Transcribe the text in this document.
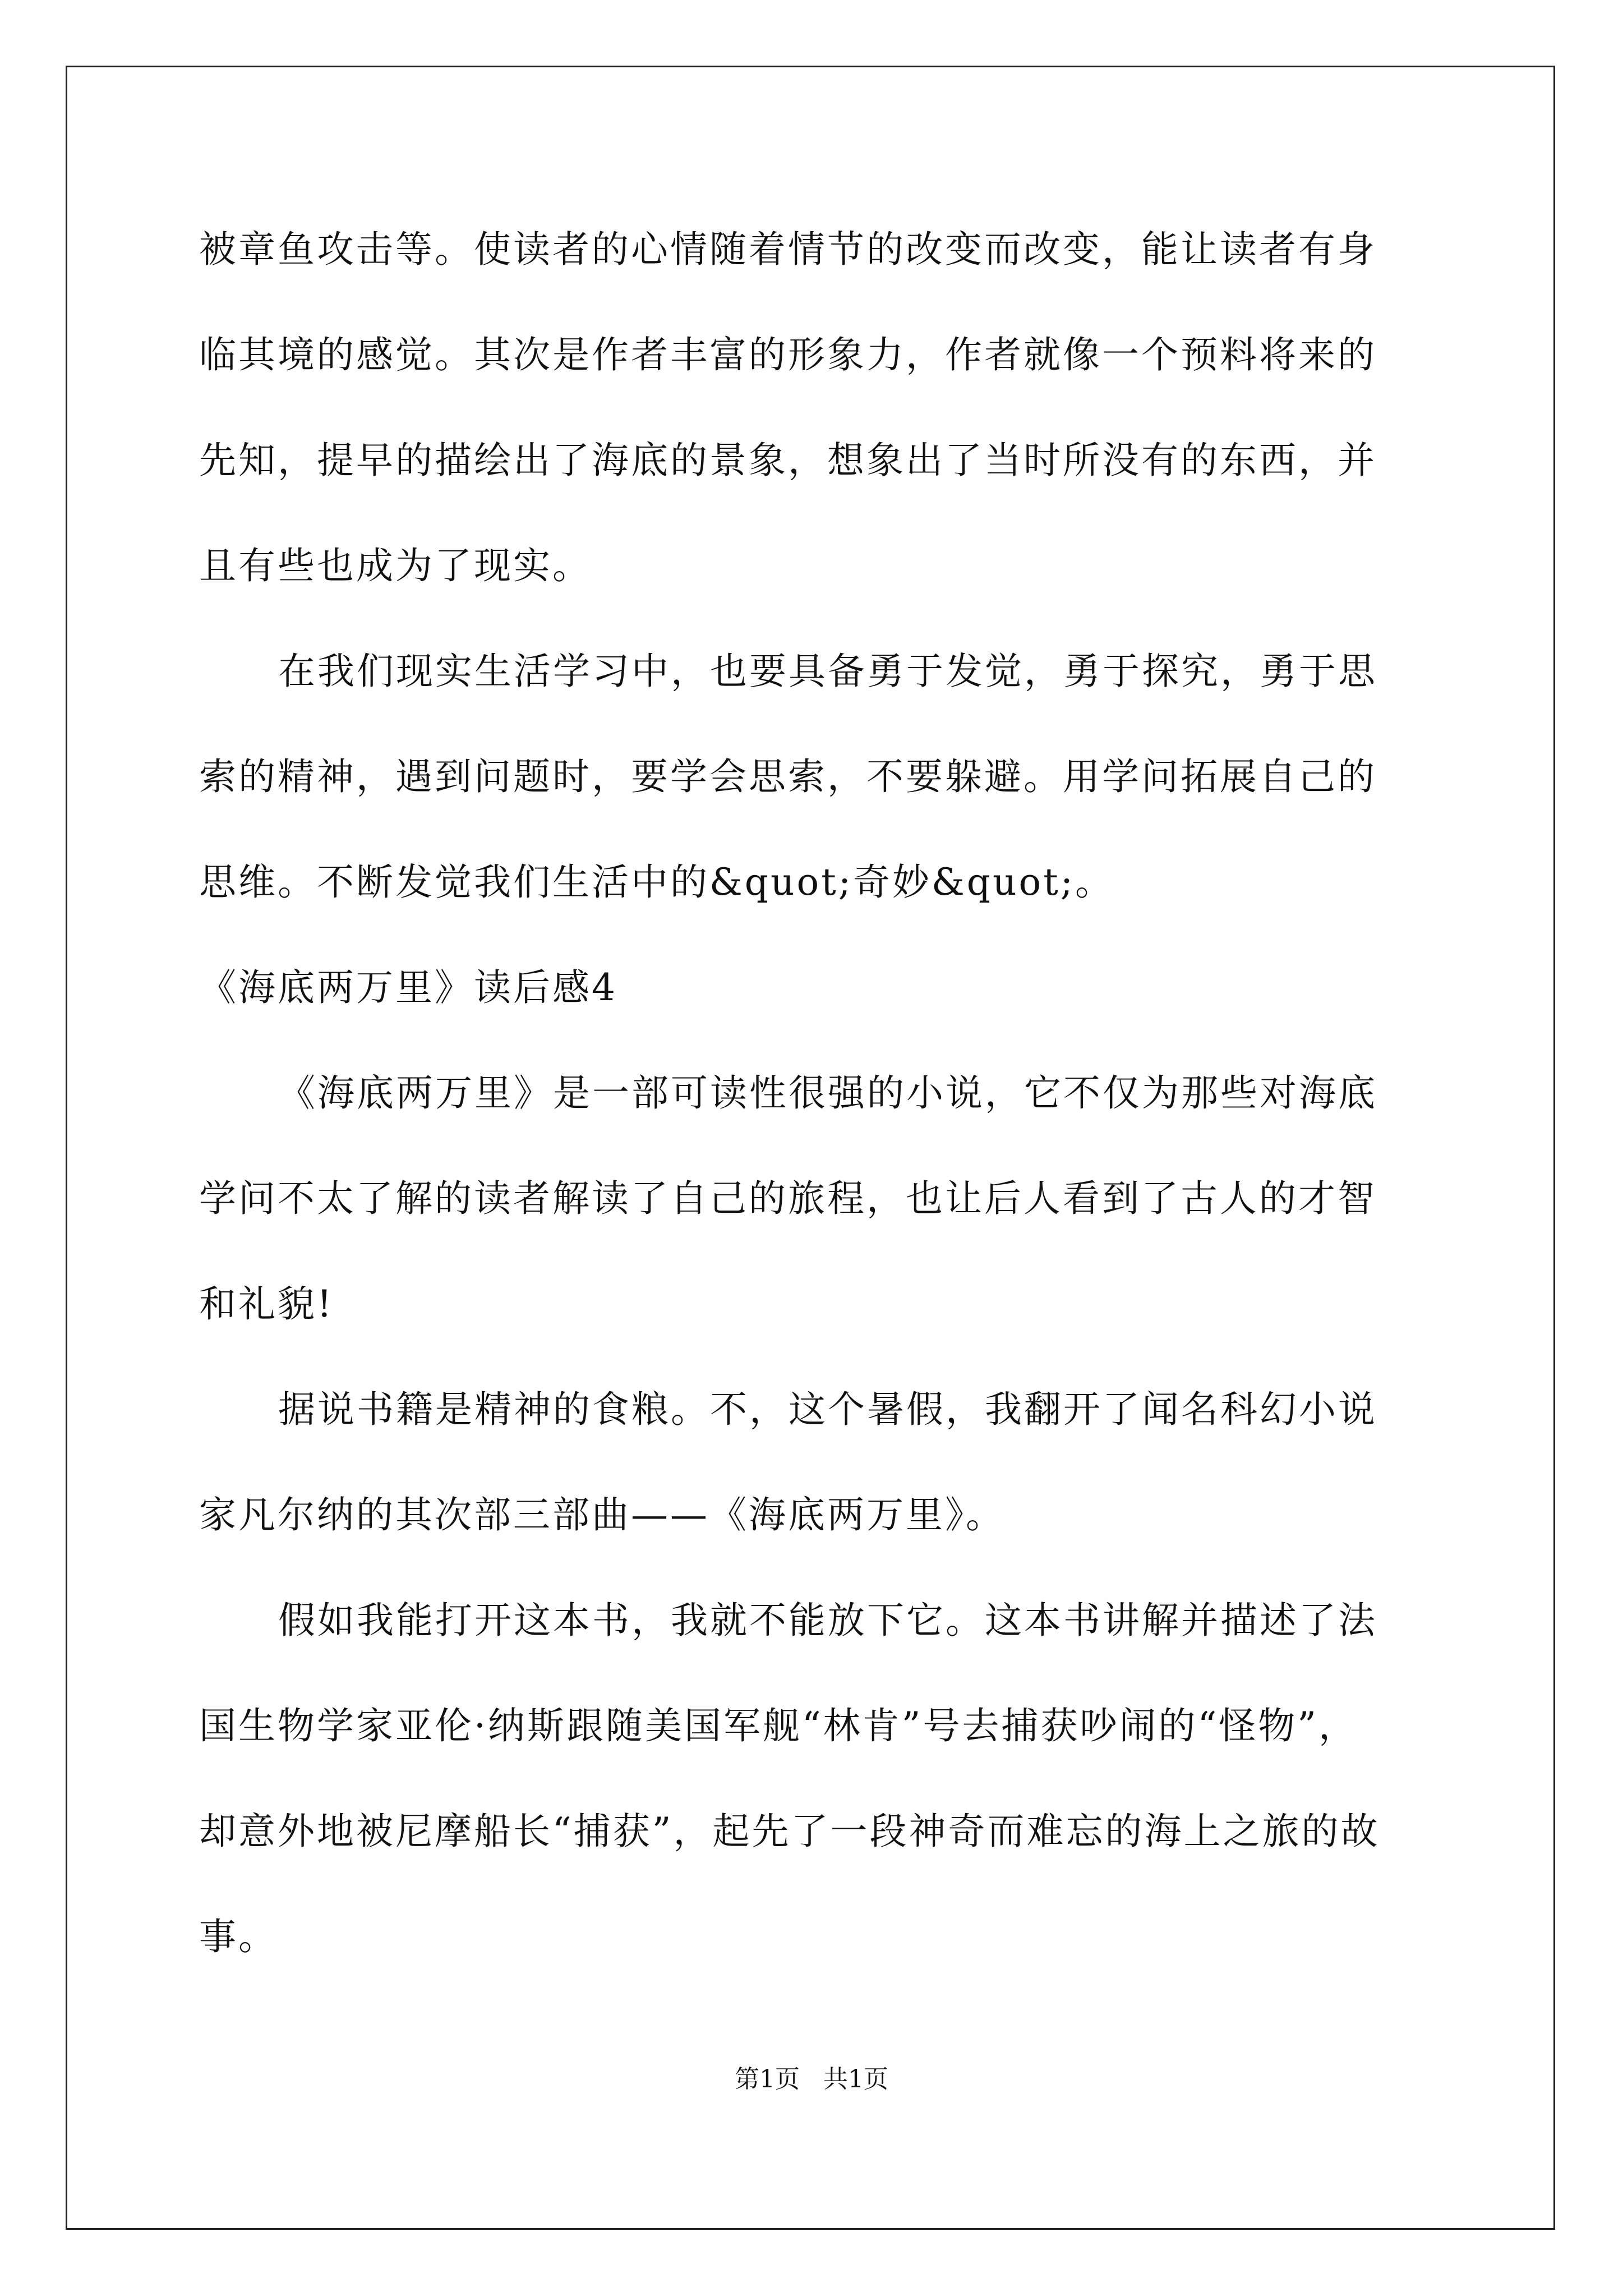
被章鱼攻击等。使读者的心情随着情节的改变而改变，能让读者有身
临其境的感觉。其次是作者丰富的形象力，作者就像一个预料将来的
先知，提早的描绘出了海底的景象，想象出了当时所没有的东西，并
且有些也成为了现实。
在我们现实生活学习中，也要具备勇于发觉，勇于探究，勇于思
索的精神，遇到问题时，要学会思索，不要躲避。用学问拓展自己的
思维。不断发觉我们生活中的&quot;奇妙&quot;。
《海底两万里》读后感4
《海底两万里》是一部可读性很强的小说，它不仅为那些对海底
学问不太了解的读者解读了自己的旅程，也让后人看到了古人的才智
和礼貌!
据说书籍是精神的食粮。不，这个暑假，我翻开了闻名科幻小说
家凡尔纳的其次部三部曲——《海底两万里》。
假如我能打开这本书，我就不能放下它。这本书讲解并描述了法
国生物学家亚伦·纳斯跟随美国军舰“林肯”号去捕获吵闹的“怪物”，
却意外地被尼摩船长“捕获”，起先了一段神奇而难忘的海上之旅的故
事。
第1页   共1页
